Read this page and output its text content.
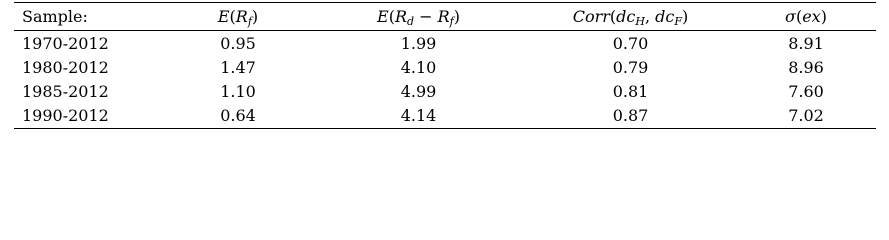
Sample:	$E(R_f)$	$E(R_d - R_f)$	$Corr(dc_H$, $dc_F$)	σ(ex)
1970-2012	0.95	1.99	0.70	8.91
1980-2012	1.47	4.10	0.79	8.96
1985-2012	1.10	4.99	0.81	7.60
1990-2012	0.64	4.14	0.87	7.02
